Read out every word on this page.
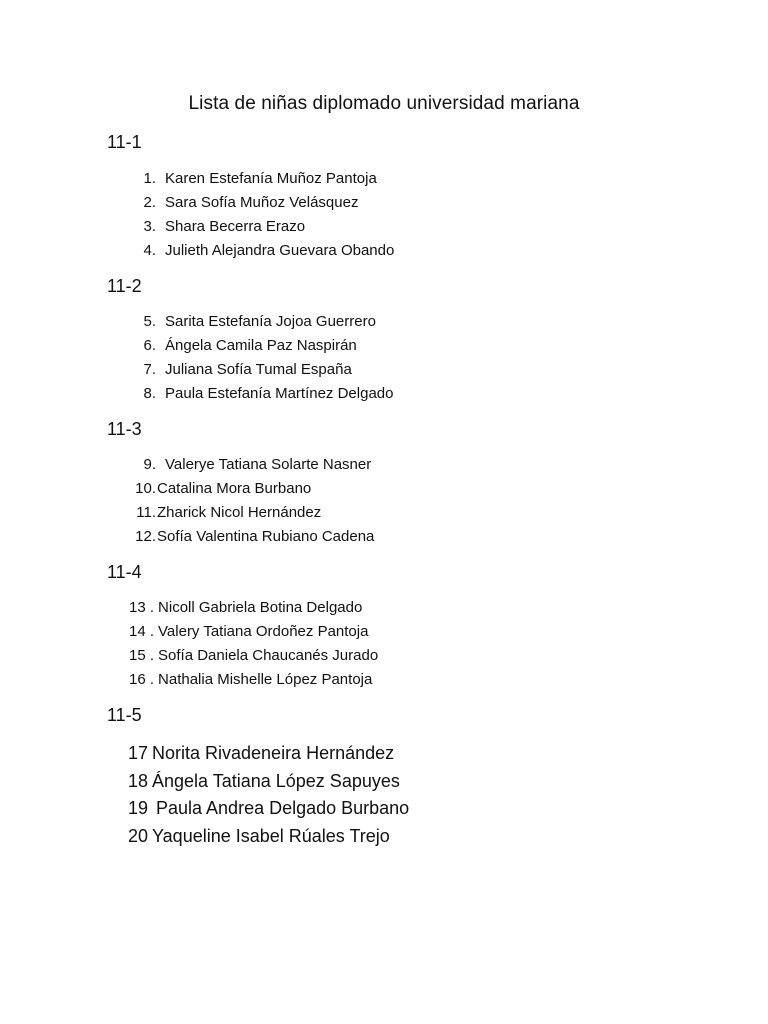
Lista de niñas diplomado universidad mariana
11-1
1. Karen Estefanía Muñoz Pantoja
2. Sara Sofía Muñoz Velásquez
3. Shara Becerra Erazo
4. Julieth Alejandra Guevara Obando
11-2
5. Sarita Estefanía Jojoa Guerrero
6. Ángela Camila Paz Naspirán
7. Juliana Sofía Tumal España
8. Paula Estefanía Martínez Delgado
11-3
9. Valerye Tatiana Solarte Nasner
10. Catalina Mora Burbano
11. Zharick Nicol Hernández
12. Sofía Valentina Rubiano Cadena
11-4
13 . Nicoll Gabriela Botina Delgado
14 . Valery Tatiana Ordoñez Pantoja
15 . Sofía Daniela Chaucanés Jurado
16 . Nathalia Mishelle López Pantoja
11-5
17 Norita Rivadeneira Hernández
18 Ángela Tatiana López Sapuyes
19 Paula Andrea Delgado Burbano
20 Yaqueline Isabel Rúales Trejo
